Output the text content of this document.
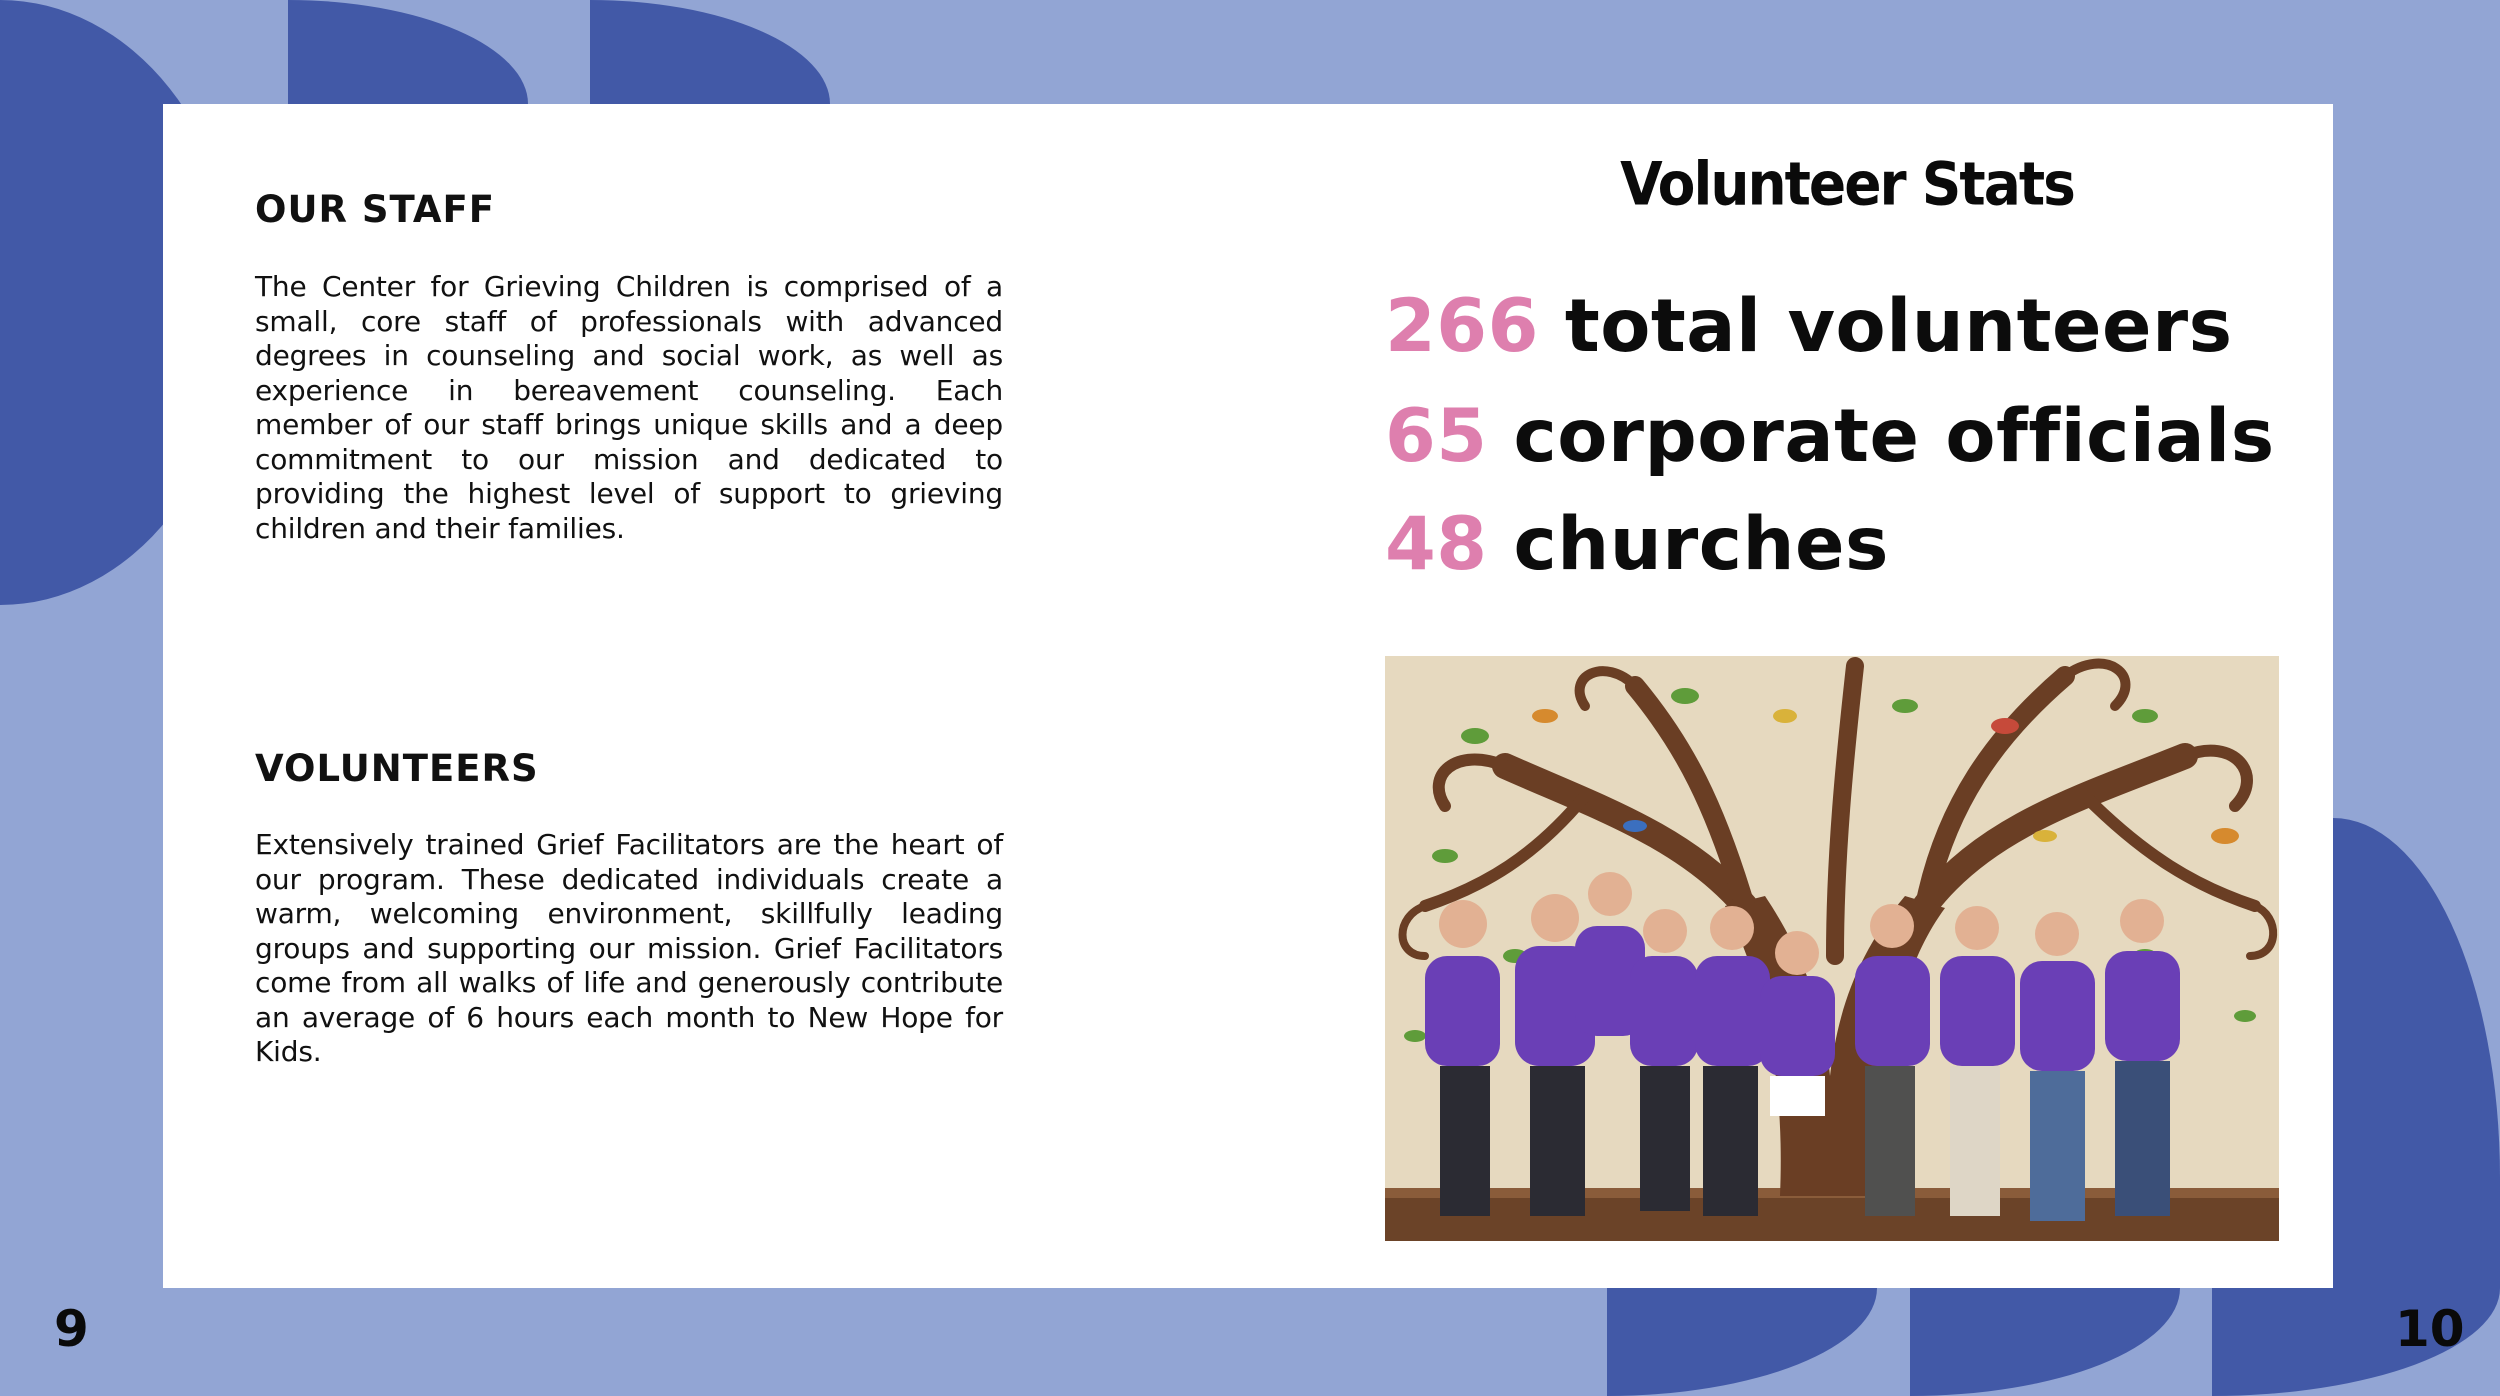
OUR STAFF

The Center for Grieving Children is comprised of a small, core staff of professionals with advanced degrees in counseling and social work, as well as experience in bereavement counseling. Each member of our staff brings unique skills and a deep commitment to our mission and dedicated to providing the highest level of support to grieving children and their families.

VOLUNTEERS

Extensively trained Grief Facilitators are the heart of our program. These dedicated individuals create a warm, welcoming environment, skillfully leading groups and supporting our mission. Grief Facilitators come from all walks of life and generously contribute an average of 6 hours each month to New Hope for Kids.

Volunteer Stats

266 total volunteers

65 corporate officials

48 churches

9	10
